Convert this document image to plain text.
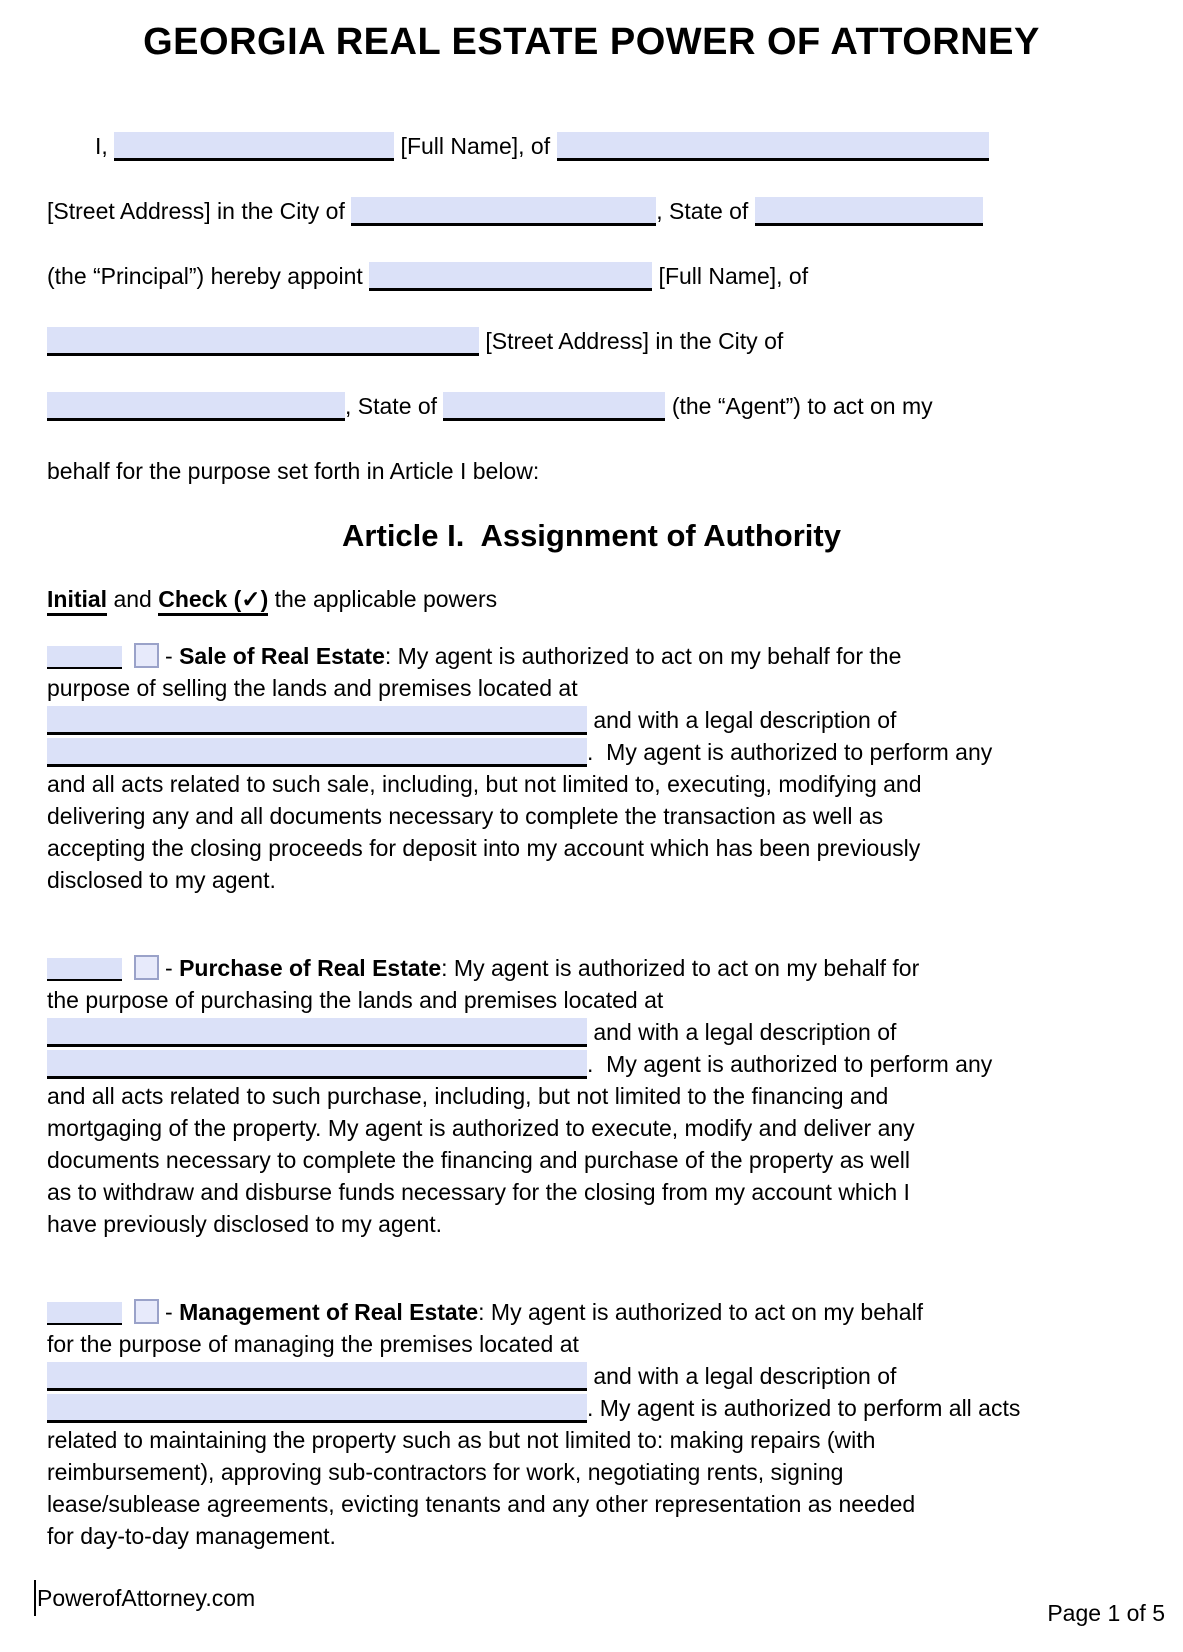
GEORGIA REAL ESTATE POWER OF ATTORNEY
I,	[Full Name], of
[Street Address] in the City of	, State of
(the “Principal”) hereby appoint	[Full Name], of
[Street Address] in the City of
, State of	(the “Agent”) to act on my
behalf for the purpose set forth in Article I below:
Article I.  Assignment of Authority
Initial and Check (✓) the applicable powers
- Sale of Real Estate: My agent is authorized to act on my behalf for the
purpose of selling the lands and premises located at
and with a legal description of
.  My agent is authorized to perform any
and all acts related to such sale, including, but not limited to, executing, modifying and
delivering any and all documents necessary to complete the transaction as well as
accepting the closing proceeds for deposit into my account which has been previously
disclosed to my agent.
- Purchase of Real Estate: My agent is authorized to act on my behalf for
the purpose of purchasing the lands and premises located at
and with a legal description of
.  My agent is authorized to perform any
and all acts related to such purchase, including, but not limited to the financing and
mortgaging of the property. My agent is authorized to execute, modify and deliver any
documents necessary to complete the financing and purchase of the property as well
as to withdraw and disburse funds necessary for the closing from my account which I
have previously disclosed to my agent.
- Management of Real Estate: My agent is authorized to act on my behalf
for the purpose of managing the premises located at
and with a legal description of
. My agent is authorized to perform all acts
related to maintaining the property such as but not limited to: making repairs (with
reimbursement), approving sub-contractors for work, negotiating rents, signing
lease/sublease agreements, evicting tenants and any other representation as needed
for day-to-day management.
PowerofAttorney.com
Page 1 of 5
